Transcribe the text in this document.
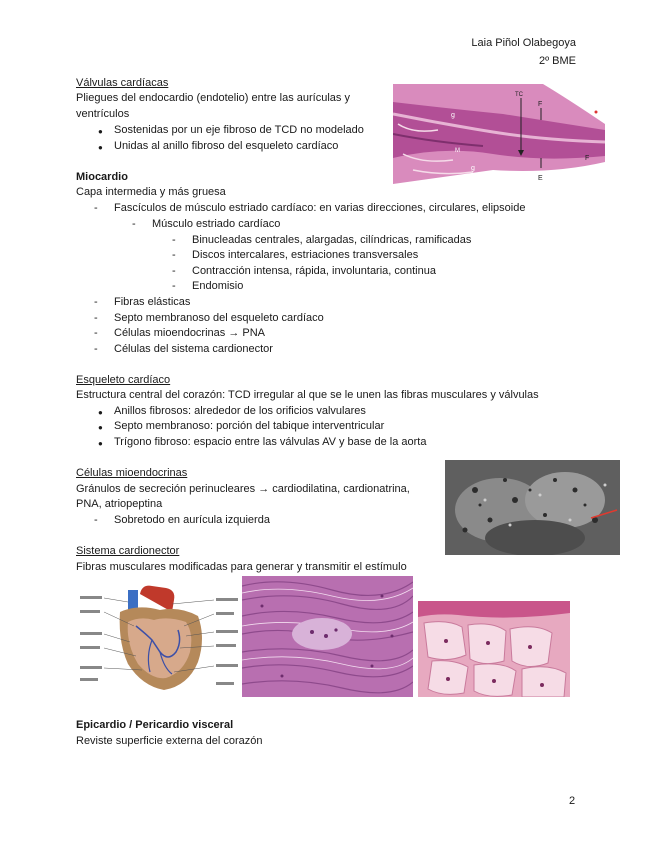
Laia Piñol Olabegoya
2º BME
Válvulas cardíacas
Pliegues del endocardio (endotelio) entre las aurículas y
ventrículos
● Sostenidas por un eje fibroso de TCD no modelado
● Unidas al anillo fibroso del esqueleto cardíaco
TC
F
F
E
g
M
g
Miocardio
Capa intermedia y más gruesa
- Fascículos de músculo estriado cardíaco: en varias direcciones, circulares, elipsoide
- Músculo estriado cardíaco
- Binucleadas centrales, alargadas, cilíndricas, ramificadas
- Discos intercalares, estriaciones transversales
- Contracción intensa, rápida, involuntaria, continua
- Endomisio
- Fibras elásticas
- Septo membranoso del esqueleto cardíaco
- Células mioendocrinas → PNA
- Células del sistema cardionector
Esqueleto cardíaco
Estructura central del corazón: TCD irregular al que se le unen las fibras musculares y válvulas
● Anillos fibrosos: alrededor de los orificios valvulares
● Septo membranoso: porción del tabique interventricular
● Trígono fibroso: espacio entre las válvulas AV y base de la aorta
Células mioendocrinas
Gránulos de secreción perinucleares → cardiodilatina, cardionatrina,
PNA, atriopeptina
- Sobretodo en aurícula izquierda
Sistema cardionector
Fibras musculares modificadas para generar y transmitir el estímulo
Epicardio / Pericardio visceral
Reviste superficie externa del corazón
2
